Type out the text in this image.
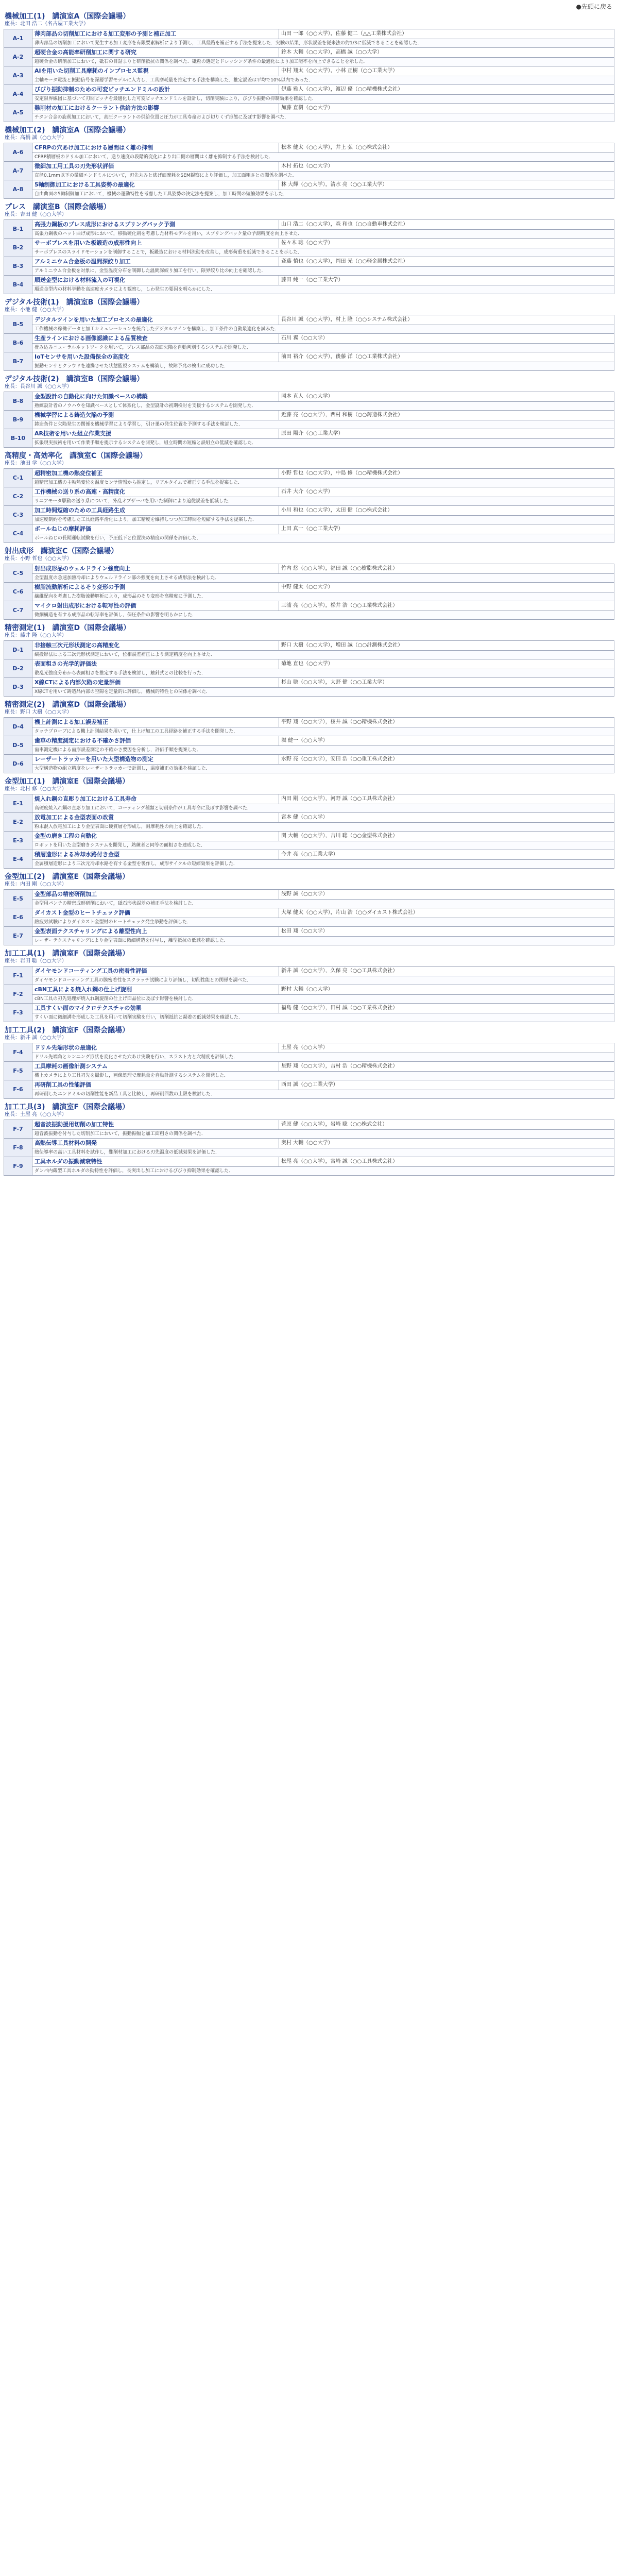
●先頭に戻る
機械加工(1)　講演室A（国際会議場）
座長：北田 浩二（名古屋工業大学）
A-1	薄肉部品の切削加工における加工変形の予測と補正加工	山田 一郎（○○大学），佐藤 健二（△△工業株式会社）
	薄肉部品の切削加工において発生する加工変形を有限要素解析により予測し，工具経路を補正する手法を提案した．実験の結果，形状誤差を従来法の約1/3に低減できることを確認した．	
A-2	超硬合金の高能率研削加工に関する研究	鈴木 大輔（○○大学），高橋 誠（○○大学）
	超硬合金の研削加工において，砥石の目詰まりと研削抵抗の関係を調べた．砥粒の選定とドレッシング条件の最適化により加工能率を向上できることを示した．	
A-3	AIを用いた切削工具摩耗のインプロセス監視	中村 翔太（○○大学），小林 正樹（○○工業大学）
	主軸モータ電流と振動信号を深層学習モデルに入力し，工具摩耗量を推定する手法を構築した．推定誤差は平均で10%以内であった．	
A-4	びびり振動抑制のための可変ピッチエンドミルの設計	伊藤 雅人（○○大学），渡辺 優（○○精機株式会社）
	安定限界線図に基づいて刃間ピッチを最適化した可変ピッチエンドミルを設計し，切削実験により，びびり振動の抑制効果を確認した．	
A-5	難削材の加工におけるクーラント供給方法の影響	加藤 直樹（○○大学）
	チタン合金の旋削加工において，高圧クーラントの供給位置と圧力が工具寿命および切りくず形態に及ぼす影響を調べた．	
機械加工(2)　講演室A（国際会議場）
座長：高橋 誠（○○大学）
A-6	CFRPの穴あけ加工における層間はく離の抑制	松本 健太（○○大学），井上 弘（○○株式会社）
	CFRP積層板のドリル加工において，送り速度の段階的変化により出口側の層間はく離を抑制する手法を検討した．	
A-7	微細加工用工具の刃先形状評価	木村 拓也（○○大学）
	直径0.1mm以下の微細エンドミルについて，刃先丸みと逃げ面摩耗をSEM観察により評価し，加工面粗さとの関係を調べた．	
A-8	5軸制御加工における工具姿勢の最適化	林 大輝（○○大学），清水 亮（○○工業大学）
	自由曲面の5軸制御加工において，機械の運動特性を考慮した工具姿勢の決定法を提案し，加工時間の短縮効果を示した．	
プレス　講演室B（国際会議場）
座長：吉田 健（○○大学）
B-1	高張力鋼板のプレス成形におけるスプリングバック予測	山口 浩二（○○大学），森 和也（○○自動車株式会社）
	高張力鋼板のハット曲げ成形において，移動硬化則を考慮した材料モデルを用い，スプリングバック量の予測精度を向上させた．	
B-2	サーボプレスを用いた板鍛造の成形性向上	佐々木 聡（○○大学）
	サーボプレスのスライドモーションを制御することで，板鍛造における材料流動を改善し，成形荷重を低減できることを示した．	
B-3	アルミニウム合金板の温間深絞り加工	斎藤 慎也（○○大学），岡田 光（○○軽金属株式会社）
	アルミニウム合金板を対象に，金型温度分布を制御した温間深絞り加工を行い，限界絞り比の向上を確認した．	
B-4	順送金型における材料流入の可視化	藤田 純一（○○工業大学）
	順送金型内の材料挙動を高速度カメラにより観察し，しわ発生の要因を明らかにした．	
デジタル技術(1)　講演室B（国際会議場）
座長：小池 健（○○大学）
B-5	デジタルツインを用いた加工プロセスの最適化	長谷川 誠（○○大学），村上 隆（○○システム株式会社）
	工作機械の稼働データと加工シミュレーションを統合したデジタルツインを構築し，加工条件の自動最適化を試みた．	
B-6	生産ラインにおける画像認識による品質検査	石川 翼（○○大学）
	畳み込みニューラルネットワークを用いて，プレス部品の表面欠陥を自動判別するシステムを開発した．	
B-7	IoTセンサを用いた設備保全の高度化	前田 裕介（○○大学），後藤 洋（○○工業株式会社）
	振動センサとクラウドを連携させた状態監視システムを構築し，故障予兆の検出に成功した．	
デジタル技術(2)　講演室B（国際会議場）
座長：長谷川 誠（○○大学）
B-8	金型設計の自動化に向けた知識ベースの構築	岡本 直人（○○大学）
	熟練設計者のノウハウを知識ベースとして体系化し，金型設計の初期検討を支援するシステムを開発した．	
B-9	機械学習による鋳造欠陥の予測	近藤 亮（○○大学），西村 和樹（○○鋳造株式会社）
	鋳造条件と欠陥発生の関係を機械学習により学習し，引け巣の発生位置を予測する手法を検討した．	
B-10	AR技術を用いた組立作業支援	原田 陽介（○○工業大学）
	拡張現実技術を用いて作業手順を提示するシステムを開発し，組立時間の短縮と誤組立の低減を確認した．	
高精度・高効率化　講演室C（国際会議場）
座長：池田 学（○○大学）
C-1	超精密加工機の熱変位補正	小野 哲也（○○大学），中島 修（○○精機株式会社）
	超精密加工機の主軸熱変位を温度センサ情報から推定し，リアルタイムで補正する手法を提案した．	
C-2	工作機械の送り系の高速・高精度化	石井 大介（○○大学）
	リニアモータ駆動の送り系について，外乱オブザーバを用いた制御により追従誤差を低減した．	
C-3	加工時間短縮のための工具経路生成	小川 和也（○○大学），太田 健（○○株式会社）
	加速度制約を考慮した工具経路平滑化により，加工精度を維持しつつ加工時間を短縮する手法を提案した．	
C-4	ボールねじの摩耗評価	上田 真一（○○工業大学）
	ボールねじの長期運転試験を行い，予圧低下と位置決め精度の関係を評価した．	
射出成形　講演室C（国際会議場）
座長：小野 哲也（○○大学）
C-5	射出成形品のウェルドライン強度向上	竹内 悠（○○大学），福田 誠（○○樹脂株式会社）
	金型温度の急速加熱冷却によりウェルドライン部の強度を向上させる成形法を検討した．	
C-6	樹脂流動解析によるそり変形の予測	中野 健太（○○大学）
	繊維配向を考慮した樹脂流動解析により，成形品のそり変形を高精度に予測した．	
C-7	マイクロ射出成形における転写性の評価	三浦 亮（○○大学），松井 浩（○○工業株式会社）
	微細構造を有する成形品の転写率を評価し，保圧条件の影響を明らかにした．	
精密測定(1)　講演室D（国際会議場）
座長：藤井 隆（○○大学）
D-1	非接触三次元形状測定の高精度化	野口 大樹（○○大学），増田 誠（○○計測株式会社）
	縞投影法による三次元形状測定において，位相誤差補正により測定精度を向上させた．	
D-2	表面粗さの光学的評価法	菊地 直也（○○大学）
	散乱光強度分布から表面粗さを推定する手法を検討し，触針式との比較を行った．	
D-3	X線CTによる内部欠陥の定量評価	杉山 聡（○○大学），大野 健（○○工業大学）
	X線CTを用いて鋳造品内部の空隙を定量的に評価し，機械的特性との関係を調べた．	
精密測定(2)　講演室D（国際会議場）
座長：野口 大樹（○○大学）
D-4	機上計測による加工誤差補正	平野 翔（○○大学），桜井 誠（○○精機株式会社）
	タッチプローブによる機上計測結果を用いて，仕上げ加工の工具経路を補正する手法を開発した．	
D-5	歯車の精度測定における不確かさ評価	堀 健一（○○大学）
	歯車測定機による歯形誤差測定の不確かさ要因を分析し，評価手順を提案した．	
D-6	レーザートラッカーを用いた大型構造物の測定	水野 亮（○○大学），安田 浩（○○重工株式会社）
	大型構造物の組立精度をレーザートラッカーで計測し，温度補正の効果を検証した．	
金型加工(1)　講演室E（国際会議場）
座長：北村 修（○○大学）
E-1	焼入れ鋼の直彫り加工における工具寿命	内田 剛（○○大学），河野 誠（○○工具株式会社）
	高硬度焼入れ鋼の直彫り加工において，コーティング種類と切削条件が工具寿命に及ぼす影響を調べた．	
E-2	放電加工による金型表面の改質	宮本 健（○○大学）
	粉末混入放電加工により金型表面に硬質層を形成し，耐摩耗性の向上を確認した．	
E-3	金型の磨き工程の自動化	関 大輔（○○大学），吉川 聡（○○金型株式会社）
	ロボットを用いた金型磨きシステムを開発し，熟練者と同等の面粗さを達成した．	
E-4	積層造形による冷却水路付き金型	今井 亮（○○工業大学）
	金属積層造形により三次元冷却水路を有する金型を製作し，成形サイクルの短縮効果を評価した．	
金型加工(2)　講演室E（国際会議場）
座長：内田 剛（○○大学）
E-5	金型部品の精密研削加工	浅野 誠（○○大学）
	金型用パンチの精密成形研削において，砥石形状誤差の補正手法を検討した．	
E-6	ダイカスト金型のヒートチェック評価	大塚 健太（○○大学），片山 浩（○○ダイカスト株式会社）
	熱疲労試験によりダイカスト金型材のヒートチェック発生挙動を評価した．	
E-7	金型表面テクスチャリングによる離型性向上	松田 翔（○○大学）
	レーザーテクスチャリングにより金型表面に微細構造を付与し，離型抵抗の低減を確認した．	
加工工具(1)　講演室F（国際会議場）
座長：岩田 聡（○○大学）
F-1	ダイヤモンドコーティング工具の密着性評価	新井 誠（○○大学），久保 亮（○○工具株式会社）
	ダイヤモンドコーティング工具の膜密着性をスクラッチ試験により評価し，切削性能との関係を調べた．	
F-2	cBN工具による焼入れ鋼の仕上げ旋削	野村 大輔（○○大学）
	cBN工具の刃先処理が焼入れ鋼旋削の仕上げ面品位に及ぼす影響を検討した．	
F-3	工具すくい面のマイクロテクスチャの効果	福島 健（○○大学），田村 誠（○○工業株式会社）
	すくい面に微細溝を形成した工具を用いて切削実験を行い，切削抵抗と凝着の低減効果を確認した．	
加工工具(2)　講演室F（国際会議場）
座長：新井 誠（○○大学）
F-4	ドリル先端形状の最適化	土屋 亮（○○大学）
	ドリル先端角とシンニング形状を変化させた穴あけ実験を行い，スラスト力と穴精度を評価した．	
F-5	工具摩耗の画像計測システム	星野 翔（○○大学），吉村 浩（○○精機株式会社）
	機上カメラにより工具刃先を撮影し，画像処理で摩耗量を自動計測するシステムを開発した．	
F-6	再研削工具の性能評価	西田 誠（○○工業大学）
	再研削したエンドミルの切削性能を新品工具と比較し，再研削回数の上限を検討した．	
加工工具(3)　講演室F（国際会議場）
座長：土屋 亮（○○大学）
F-7	超音波振動援用切削の加工特性	菅原 健（○○大学），岩崎 聡（○○株式会社）
	超音波振動を付与した切削加工において，振動振幅と加工面粗さの関係を調べた．	
F-8	高熱伝導工具材料の開発	奥村 大輔（○○大学）
	熱伝導率の高い工具材料を試作し，難削材加工における刃先温度の低減効果を評価した．	
F-9	工具ホルダの振動減衰特性	松尾 亮（○○大学），宮崎 誠（○○工具株式会社）
	ダンパ内蔵型工具ホルダの動特性を評価し，長突出し加工におけるびびり抑制効果を確認した．	
